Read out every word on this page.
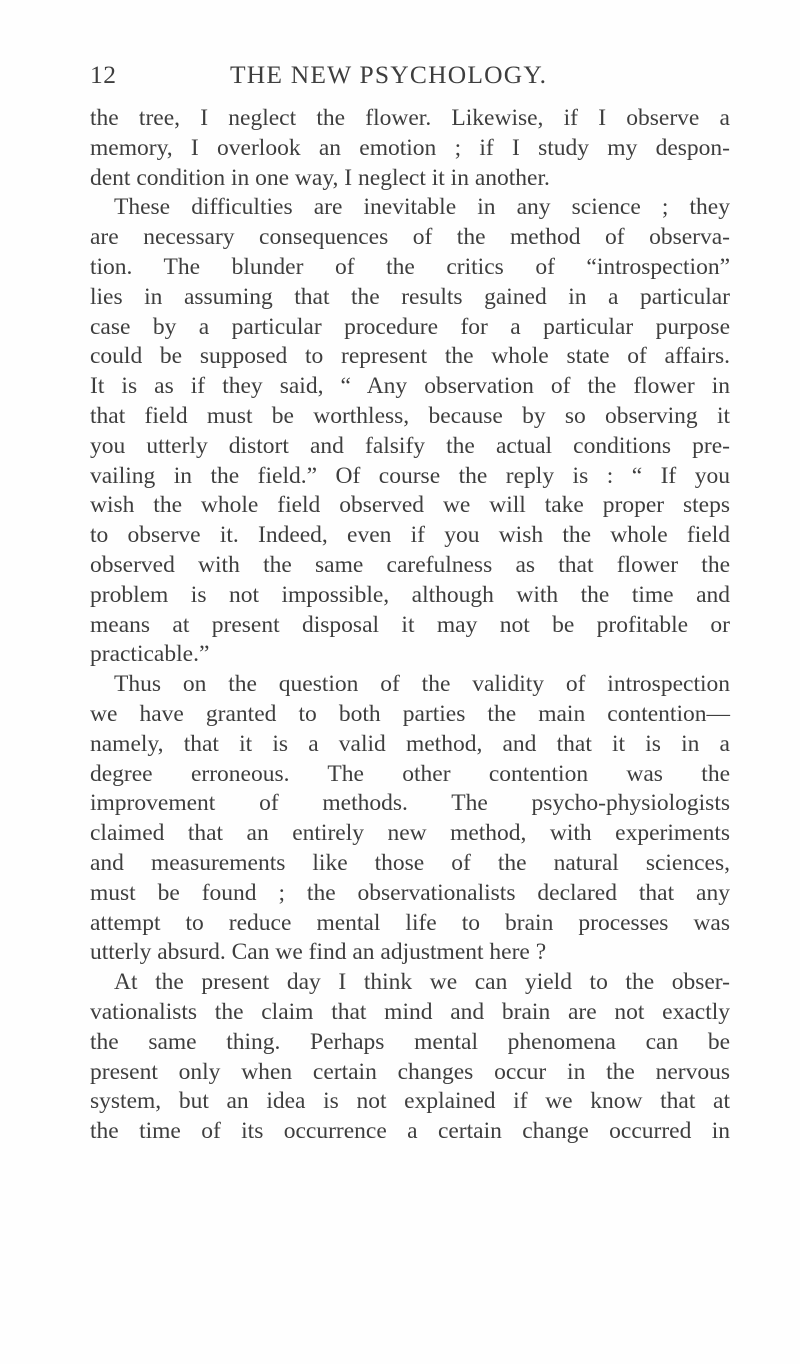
12	THE NEW PSYCHOLOGY.
the tree, I neglect the flower. Likewise, if I observe a
memory, I overlook an emotion ; if I study my despon-
dent condition in one way, I neglect it in another.
These difficulties are inevitable in any science ; they
are necessary consequences of the method of observa-
tion. The blunder of the critics of “introspection”
lies in assuming that the results gained in a particular
case by a particular procedure for a particular purpose
could be supposed to represent the whole state of affairs.
It is as if they said, “ Any observation of the flower in
that field must be worthless, because by so observing it
you utterly distort and falsify the actual conditions pre-
vailing in the field.” Of course the reply is : “ If you
wish the whole field observed we will take proper steps
to observe it. Indeed, even if you wish the whole field
observed with the same carefulness as that flower the
problem is not impossible, although with the time and
means at present disposal it may not be profitable or
practicable.”
Thus on the question of the validity of introspection
we have granted to both parties the main contention—
namely, that it is a valid method, and that it is in a
degree erroneous. The other contention was the
improvement of methods. The psycho-physiologists
claimed that an entirely new method, with experiments
and measurements like those of the natural sciences,
must be found ; the observationalists declared that any
attempt to reduce mental life to brain processes was
utterly absurd. Can we find an adjustment here ?
At the present day I think we can yield to the obser-
vationalists the claim that mind and brain are not exactly
the same thing. Perhaps mental phenomena can be
present only when certain changes occur in the nervous
system, but an idea is not explained if we know that at
the time of its occurrence a certain change occurred in
